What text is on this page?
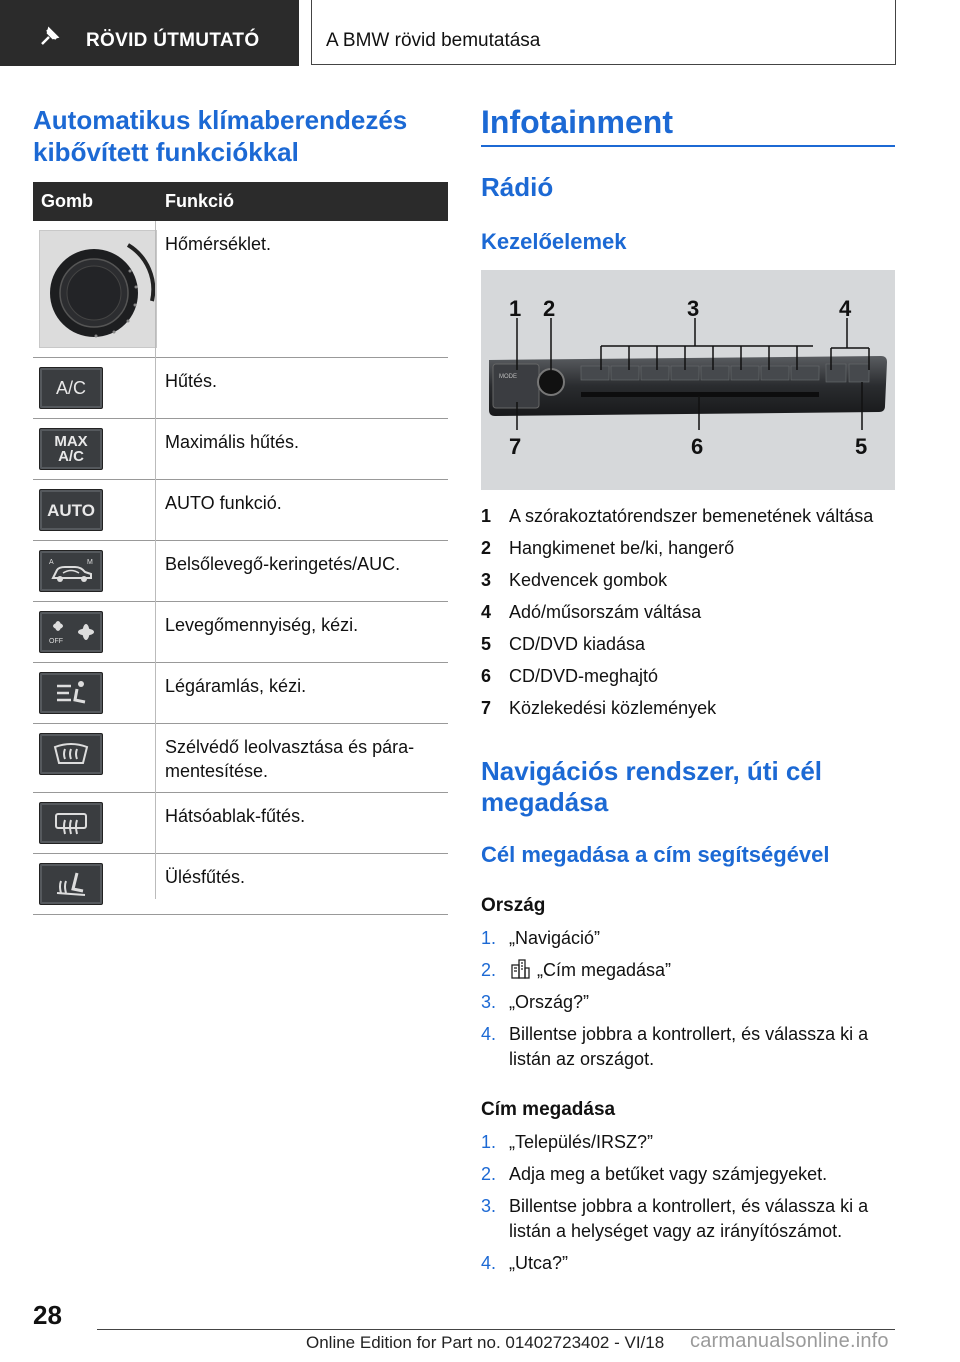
RÖVID ÚTMUTATÓ	A BMW rövid bemutatása
Automatikus klímaberendezés kibővített funkciókkal
Gomb	Funkció

	Hőmérséklet.

A/C	Hűtés.

MAX A/C	Maximális hűtés.

AUTO	AUTO funkció.

A M	Belsőlevegő-keringetés/AUC.

OFF	Levegőmennyiség, kézi.

	Légáramlás, kézi.

	Szélvédő leolvasztása és páramentesítése.

	Hátsóablak-fűtés.

	Ülésfűtés.
Infotainment
Rádió
Kezelőelemek
MODE
1 2	3	4
7	6	5
1 A szórakoztatórendszer bemenetének váltása
2 Hangkimenet be/ki, hangerő
3 Kedvencek gombok
4 Adó/műsorszám váltása
5 CD/DVD kiadása
6 CD/DVD-meghajtó
7 Közlekedési közlemények
Navigációs rendszer, úti cél megadása
Cél megadása a cím segítségével
Ország
1. „Navigáció”
2.	„Cím megadása”
3. „Ország?”
4. Billentse jobbra a kontrollert, és válassza ki a listán az országot.
Cím megadása
1. „Település/IRSZ?”
2. Adja meg a betűket vagy számjegyeket.
3. Billentse jobbra a kontrollert, és válassza ki a listán a helységet vagy az irányítószámot.
4. „Utca?”
28
Online Edition for Part no. 01402723402 - VI/18 carmanualsonline.info
